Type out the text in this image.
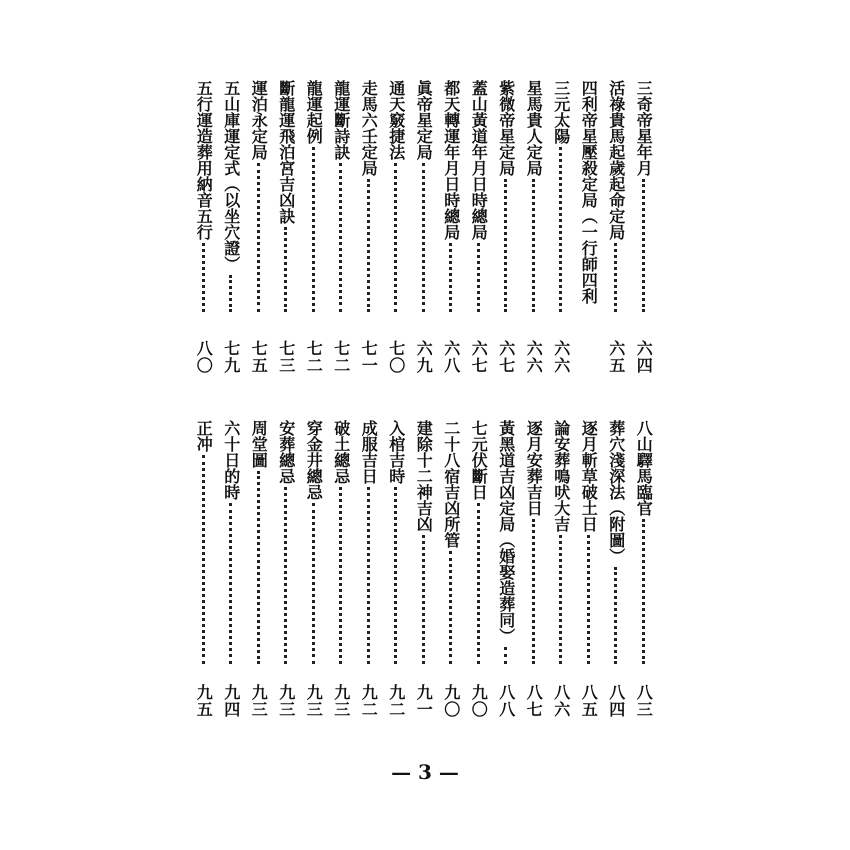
三奇帝星年月
六四
活祿貴馬起歲起命定局
六五
四利帝星壓殺定局（一行師四利
三元太陽
六六
星馬貴人定局
六六
紫微帝星定局
六七
蓋山黃道年月日時總局
六七
都天轉運年月日時總局
六八
眞帝星定局
六九
通天竅捷法
七〇
走馬六壬定局
七一
龍運斷詩訣
七二
龍運起例
七二
斷龍運飛泊宮吉凶訣
七三
運泊永定局
七五
五山庫運定式（以坐穴證）
七九
五行運造葬用納音五行
八〇
八山驛馬臨官
八三
葬穴淺深法（附圖）
八四
逐月斬草破土日
八五
論安葬鳴吠大吉
八六
逐月安葬吉日
八七
黃黑道吉凶定局（婚娶造葬同）
八八
七元伏斷日
九〇
二十八宿吉凶所管
九〇
建除十二神吉凶
九一
入棺吉時
九二
成服吉日
九二
破土總忌
九三
穿金井總忌
九三
安葬總忌
九三
周堂圖
九三
六十日的時
九四
正冲
九五
— 3 —
